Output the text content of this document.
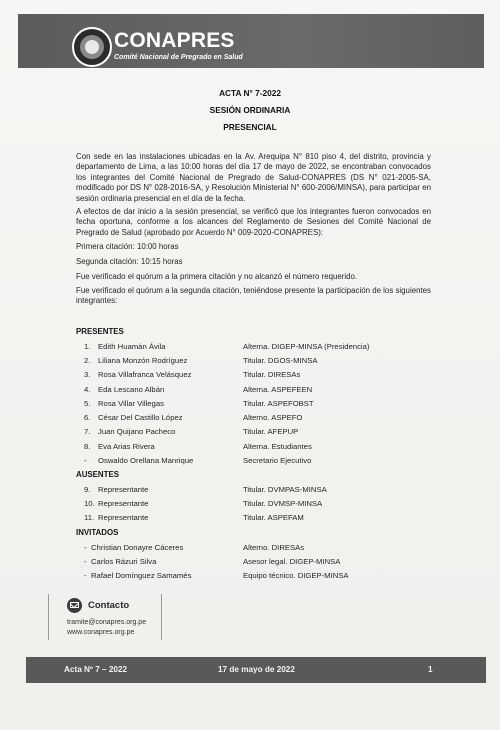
CONAPRES
Comité Nacional de Pregrado en Salud
ACTA N° 7-2022
SESIÓN ORDINARIA
PRESENCIAL
Con sede en las instalaciones ubicadas en la Av. Arequipa N° 810 piso 4, del distrito, provincia y departamento de Lima, a las 10:00 horas del día 17 de mayo de 2022, se encontraban convocados los integrantes del Comité Nacional de Pregrado de Salud-CONAPRES (DS N° 021-2005-SA, modificado por DS N° 028-2016-SA, y Resolución Ministerial N° 600-2006/MINSA), para participar en sesión ordinaria presencial en el día de la fecha.
A efectos de dar inicio a la sesión presencial, se verificó que los integrantes fueron convocados en fecha oportuna, conforme a los alcances del Reglamento de Sesiones del Comité Nacional de Pregrado de Salud (aprobado por Acuerdo N° 009-2020-CONAPRES):
Primera citación: 10:00 horas
Segunda citación: 10:15 horas
Fue verificado el quórum a la primera citación y no alcanzó el número requerido.
Fue verificado el quórum a la segunda citación, teniéndose presente la participación de los siguientes integrantes:
PRESENTES
1. Edith Huamán Ávila	Alterna. DIGEP-MINSA (Presidencia)
2. Liliana Monzón Rodríguez	Titular. DGOS-MINSA
3. Rosa Villafranca Velásquez	Titular. DIRESAs
4. Eda Lescano Albán	Alterna. ASPEFEEN
5. Rosa Villar Villegas	Titular. ASPEFOBST
6. César Del Castillo López	Alterno. ASPEFO
7. Juan Quijano Pacheco	Titular. AFEPUP
8. Eva Arias Rivera	Alterna. Estudiantes
- Oswaldo Orellana Manrique	Secretario Ejecutivo
AUSENTES
9. Representante	Titular. DVMPAS-MINSA
10. Representante	Titular. DVMSP-MINSA
11. Representante	Titular. ASPEFAM
INVITADOS
- Christian Donayre Cáceres	Alterno. DIRESAs
- Carlos Rázuri Silva	Asesor legal. DIGEP-MINSA
- Rafael Domínguez Samamés	Equipo técnico. DIGEP-MINSA
Contacto
tramite@conapres.org.pe
www.conapres.org.pe
Acta Nº 7 – 2022	17 de mayo de 2022	1
